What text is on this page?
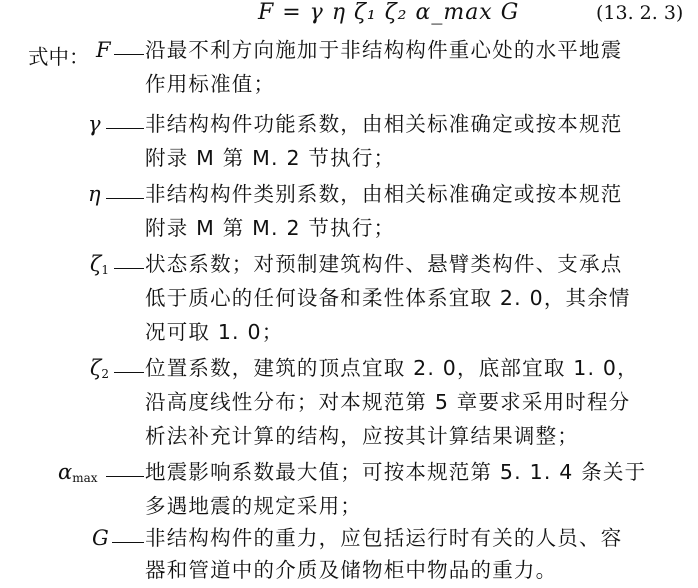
F = γ η ζ₁ ζ₂ α_max G	(13. 2. 3)
式中： F 沿最不利方向施加于非结构构件重心处的水平地震
作用标准值；
γ 非结构构件功能系数，由相关标准确定或按本规范
附录 M 第 M. 2 节执行；
η 非结构构件类别系数，由相关标准确定或按本规范
附录 M 第 M. 2 节执行；
$\zeta_1$ 状态系数；对预制建筑构件、悬臂类构件、支承点
低于质心的任何设备和柔性体系宜取 2. 0，其余情
况可取 1. 0；
$\zeta_2$ 位置系数，建筑的顶点宜取 2. 0，底部宜取 1. 0，
沿高度线性分布；对本规范第 5 章要求采用时程分
析法补充计算的结构，应按其计算结果调整；
$\alpha_{max}$ 地震影响系数最大值；可按本规范第 5. 1. 4 条关于
多遇地震的规定采用；
G 非结构构件的重力，应包括运行时有关的人员、容
器和管道中的介质及储物柜中物品的重力。
